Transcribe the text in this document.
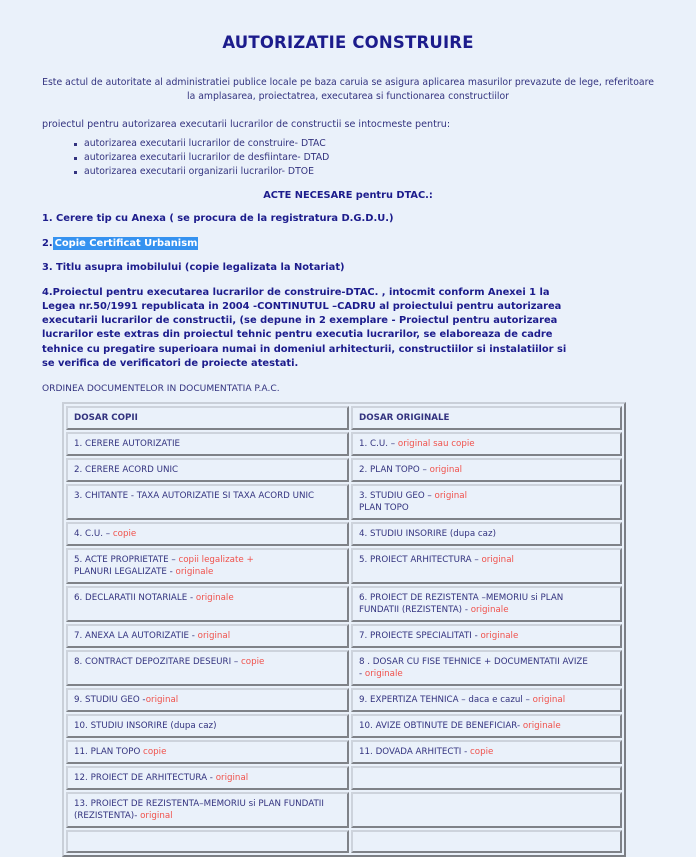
AUTORIZATIE CONSTRUIRE

Este actul de autoritate al administratiei publice locale pe baza caruia se asigura aplicarea masurilor prevazute de lege, referitoare la amplasarea, proiectatrea, executarea si functionarea constructiilor

proiectul pentru autorizarea executarii lucrarilor de constructii se intocmeste pentru:

autorizarea executarii lucrarilor de construire- DTAC
autorizarea executarii lucrarilor de desfiintare- DTAD
autorizarea executarii organizarii lucrarilor- DTOE

ACTE NECESARE pentru DTAC.:

1. Cerere tip cu Anexa ( se procura de la registratura D.G.D.U.)

2. Copie Certificat Urbanism

3. Titlu asupra imobilului (copie legalizata la Notariat)

4.Proiectul pentru executarea lucrarilor de construire-DTAC. , intocmit conform Anexei 1 la Legea nr.50/1991 republicata in 2004 -CONTINUTUL –CADRU al proiectului pentru autorizarea executarii lucrarilor de constructii, (se depune in 2 exemplare - Proiectul pentru autorizarea lucrarilor este extras din proiectul tehnic pentru executia lucrarilor, se elaboreaza de cadre tehnice cu pregatire superioara numai in domeniul arhitecturii, constructiilor si instalatiilor si se verifica de verificatori de proiecte atestati.

ORDINEA DOCUMENTELOR IN DOCUMENTATIA P.A.C.

DOSAR COPII	DOSAR ORIGINALE
1. CERERE AUTORIZATIE	1. C.U. – original sau copie
2. CERERE ACORD UNIC	2. PLAN TOPO – original
3. CHITANTE - TAXA AUTORIZATIE SI TAXA ACORD UNIC	3. STUDIU GEO – original
PLAN TOPO
4. C.U. – copie	4. STUDIU INSORIRE (dupa caz)
5. ACTE PROPRIETATE – copii legalizate +
PLANURI LEGALIZATE - originale	5. PROIECT ARHITECTURA – original
6. DECLARATII NOTARIALE - originale	6. PROIECT DE REZISTENTA –MEMORIU si PLAN
FUNDATII (REZISTENTA) - originale
7. ANEXA LA AUTORIZATIE - original	7. PROIECTE SPECIALITATI - originale
8. CONTRACT DEPOZITARE DESEURI – copie	8 . DOSAR CU FISE TEHNICE + DOCUMENTATII AVIZE
- originale
9. STUDIU GEO -original	9. EXPERTIZA TEHNICA – daca e cazul – original
10. STUDIU INSORIRE (dupa caz)	10. AVIZE OBTINUTE DE BENEFICIAR- originale
11. PLAN TOPO copie	11. DOVADA ARHITECTI - copie
12. PROIECT DE ARHITECTURA - original	
13. PROIECT DE REZISTENTA–MEMORIU si PLAN FUNDATII
(REZISTENTA)- original	
